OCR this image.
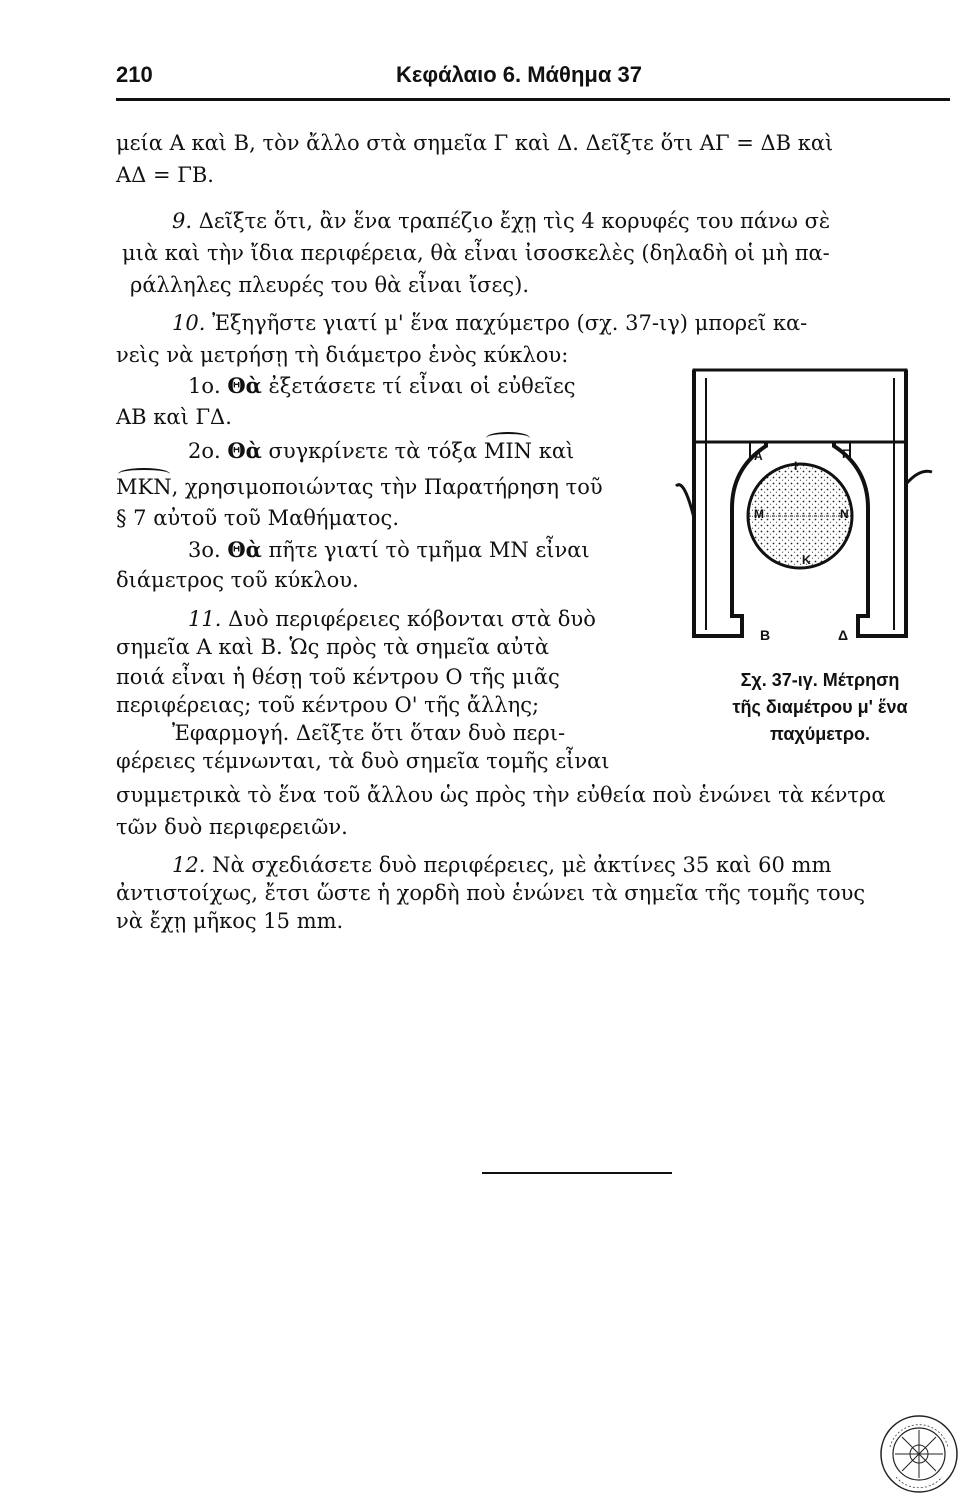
210	Κεφάλαιο 6. Μάθημα 37
μεία Α καὶ Β, τὸν ἄλλο στὰ σημεῖα Γ καὶ Δ. Δεῖξτε ὅτι ΑΓ = ΔΒ καὶ
ΑΔ = ΓΒ.
9. Δεῖξτε ὅτι, ἂν ἕνα τραπέζιο ἔχῃ τὶς 4 κορυφές του πάνω σὲ
μιὰ καὶ τὴν ἴδια περιφέρεια, θὰ εἶναι ἰσοσκελὲς (δηλαδὴ οἱ μὴ πα-
ράλληλες πλευρές του θὰ εἶναι ἴσες).
10. Ἐξηγῆστε γιατί μ' ἕνα παχύμετρο (σχ. 37-ιγ) μπορεῖ κα-
νεὶς νὰ μετρήσῃ τὴ διάμετρο ἑνὸς κύκλου:
1ο. Θὰ ἐξετάσετε τί εἶναι οἱ εὐθεῖες
ΑΒ καὶ ΓΔ.
2ο. Θὰ συγκρίνετε τὰ τόξα ΜΙΝ καὶ
ΜΚΝ, χρησιμοποιώντας τὴν Παρατήρηση τοῦ
§ 7 αὐτοῦ τοῦ Μαθήματος.
3ο. Θὰ πῆτε γιατί τὸ τμῆμα ΜΝ εἶναι
διάμετρος τοῦ κύκλου.
11. Δυὸ περιφέρειες κόβονται στὰ δυὸ
σημεῖα Α καὶ Β. Ὡς πρὸς τὰ σημεῖα αὐτὰ
ποιά εἶναι ἡ θέσῃ τοῦ κέντρου Ο τῆς μιᾶς
περιφέρειας; τοῦ κέντρου Ο' τῆς ἄλλης;
Ἐφαρμογή. Δεῖξτε ὅτι ὅταν δυὸ περι-
φέρειες τέμνωνται, τὰ δυὸ σημεῖα τομῆς εἶναι
συμμετρικὰ τὸ ἕνα τοῦ ἄλλου ὡς πρὸς τὴν εὐθεία ποὺ ἑνώνει τὰ κέντρα
τῶν δυὸ περιφερειῶν.
12. Νὰ σχεδιάσετε δυὸ περιφέρειες, μὲ ἀκτίνες 35 καὶ 60 mm
ἀντιστοίχως, ἔτσι ὥστε ἡ χορδὴ ποὺ ἑνώνει τὰ σημεῖα τῆς τομῆς τους
νὰ ἔχῃ μῆκος 15 mm.
A	Γ
I
M	N
K
B	Δ
Σχ. 37-ιγ. Μέτρηση
τῆς διαμέτρου μ' ἕνα
παχύμετρο.
